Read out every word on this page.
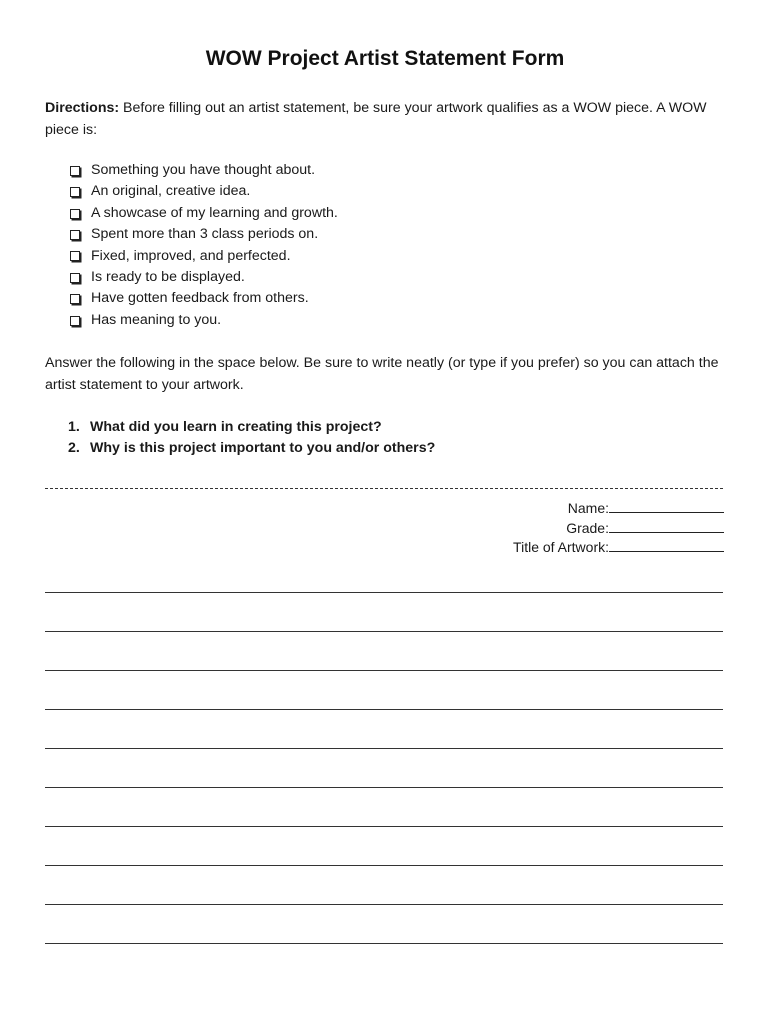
WOW Project Artist Statement Form
Directions: Before filling out an artist statement, be sure your artwork qualifies as a WOW piece. A WOW piece is:
Something you have thought about.
An original, creative idea.
A showcase of my learning and growth.
Spent more than 3 class periods on.
Fixed, improved, and perfected.
Is ready to be displayed.
Have gotten feedback from others.
Has meaning to you.
Answer the following in the space below. Be sure to write neatly (or type if you prefer) so you can attach the artist statement to your artwork.
1. What did you learn in creating this project?
2. Why is this project important to you and/or others?
Name:
Grade:
Title of Artwork:
